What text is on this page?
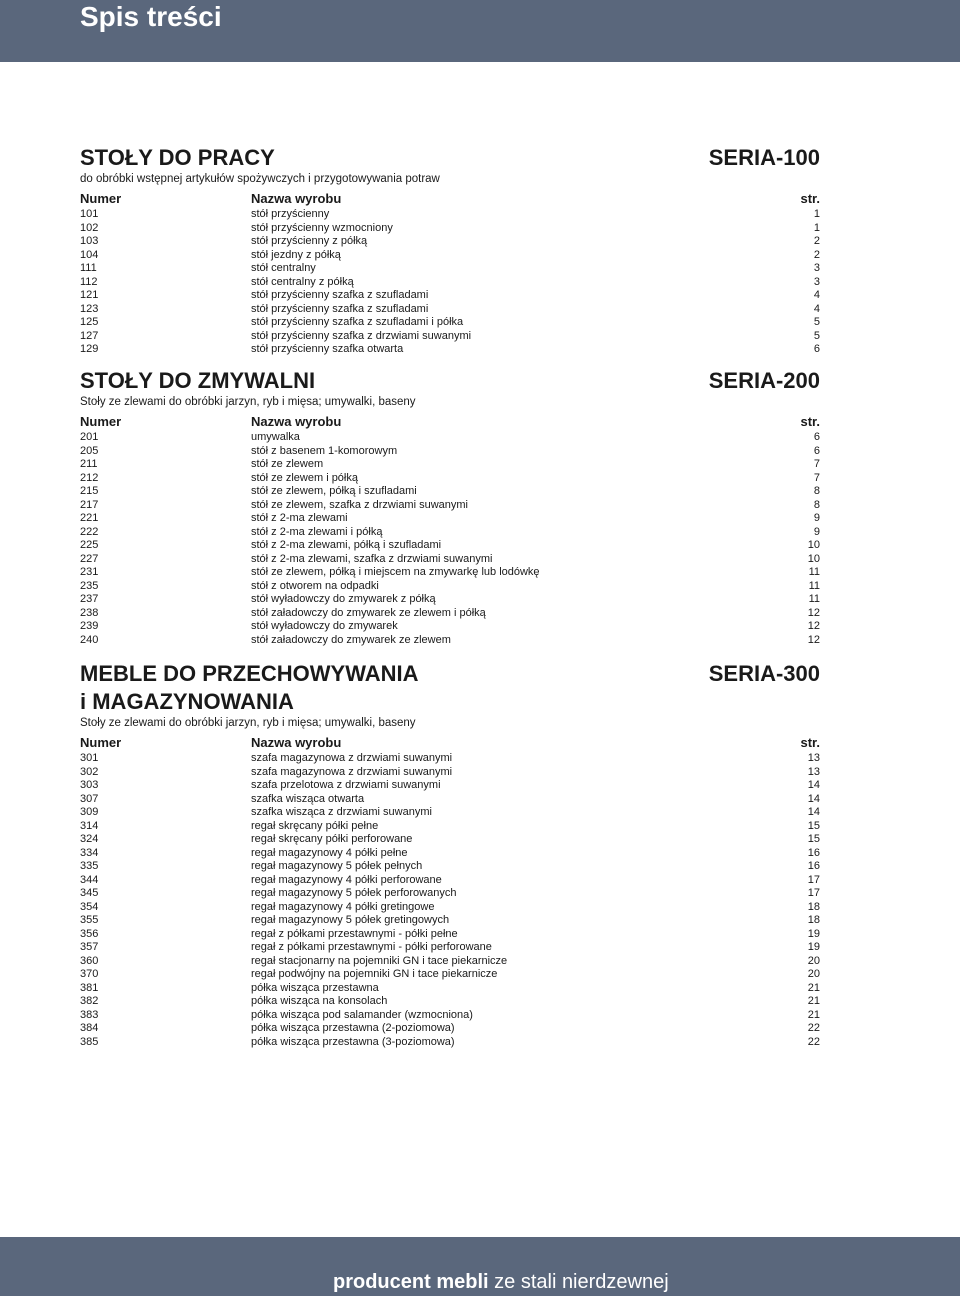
Spis treści
STOŁY DO PRACY	SERIA-100
do obróbki wstępnej artykułów spożywczych i przygotowywania potraw
Numer	Nazwa wyrobu	str.
101	stół przyścienny	1
102	stół przyścienny wzmocniony	1
103	stół przyścienny z półką	2
104	stół jezdny z półką	2
111	stół centralny	3
112	stół centralny z półką	3
121	stół przyścienny szafka z szufladami	4
123	stół przyścienny szafka z szufladami	4
125	stół przyścienny szafka z szufladami i półka	5
127	stół przyścienny szafka z drzwiami suwanymi	5
129	stół przyścienny szafka otwarta	6
STOŁY DO ZMYWALNI	SERIA-200
Stoły ze zlewami do obróbki jarzyn, ryb i mięsa; umywalki, baseny
Numer	Nazwa wyrobu	str.
201	umywalka	6
205	stół z basenem 1-komorowym	6
211	stół ze zlewem	7
212	stół ze zlewem i półką	7
215	stół ze zlewem, półką i szufladami	8
217	stół ze zlewem, szafka z drzwiami suwanymi	8
221	stół z 2-ma zlewami	9
222	stół z 2-ma zlewami i półką	9
225	stół z 2-ma zlewami, półką i szufladami	10
227	stół z 2-ma zlewami, szafka z drzwiami suwanymi	10
231	stół ze zlewem, półką i miejscem na zmywarkę lub lodówkę	11
235	stół z otworem na odpadki	11
237	stół wyładowczy do zmywarek z półką	11
238	stół załadowczy do zmywarek ze zlewem i półką	12
239	stół wyładowczy do zmywarek	12
240	stół załadowczy do zmywarek ze zlewem	12
MEBLE DO PRZECHOWYWANIA	SERIA-300
i MAGAZYNOWANIA
Stoły ze zlewami do obróbki jarzyn, ryb i mięsa; umywalki, baseny
Numer	Nazwa wyrobu	str.
301	szafa magazynowa z drzwiami suwanymi	13
302	szafa magazynowa z drzwiami suwanymi	13
303	szafa przelotowa z drzwiami suwanymi	14
307	szafka wisząca otwarta	14
309	szafka wisząca z drzwiami suwanymi	14
314	regał skręcany półki pełne	15
324	regał skręcany półki perforowane	15
334	regał magazynowy 4 półki pełne	16
335	regał magazynowy 5 półek pełnych	16
344	regał magazynowy 4 półki perforowane	17
345	regał magazynowy 5 półek perforowanych	17
354	regał magazynowy 4 półki gretingowe	18
355	regał magazynowy 5 półek gretingowych	18
356	regał z półkami przestawnymi - półki pełne	19
357	regał z półkami przestawnymi - półki perforowane	19
360	regał stacjonarny na pojemniki GN i tace piekarnicze	20
370	regał podwójny na pojemniki GN i tace piekarnicze	20
381	półka wisząca przestawna	21
382	półka wisząca na konsolach	21
383	półka wisząca pod salamander (wzmocniona)	21
384	półka wisząca przestawna (2-poziomowa)	22
385	półka wisząca przestawna (3-poziomowa)	22
producent mebli ze stali nierdzewnej
